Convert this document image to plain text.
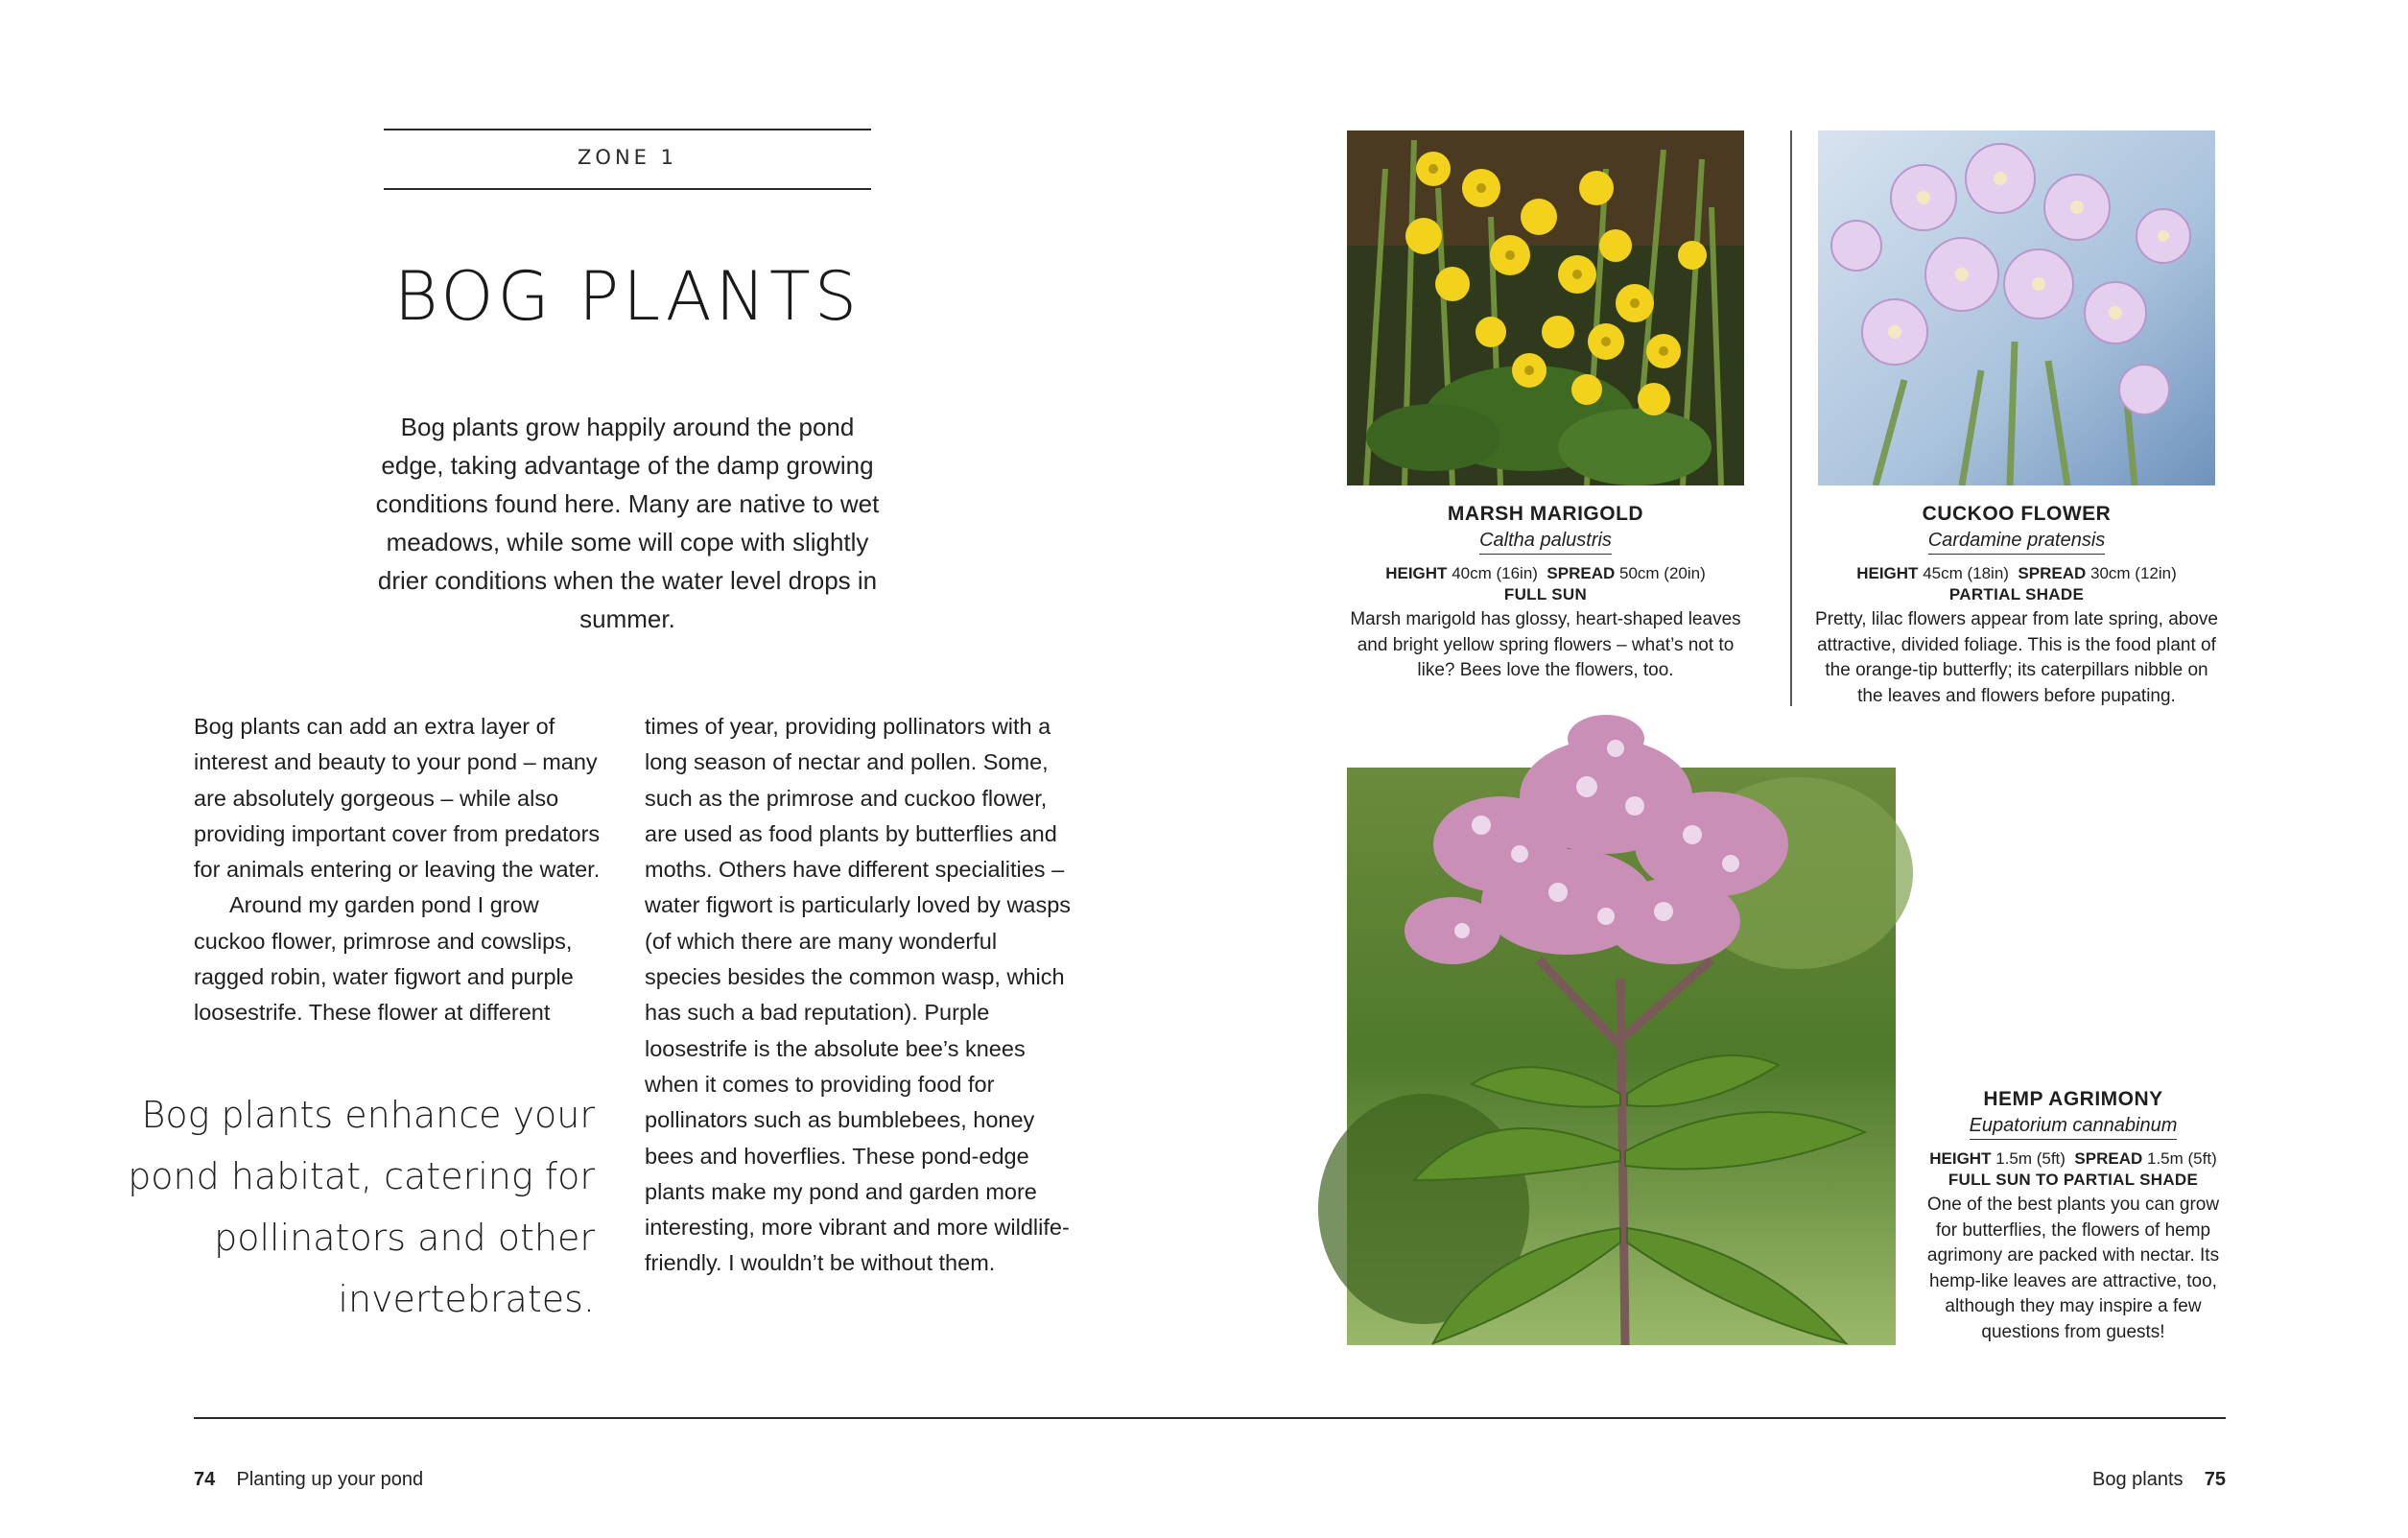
ZONE 1
BOG PLANTS

Bog plants grow happily around the pond edge, taking advantage of the damp growing conditions found here. Many are native to wet meadows, while some will cope with slightly drier conditions when the water level drops in summer.

Bog plants can add an extra layer of interest and beauty to your pond – many are absolutely gorgeous – while also providing important cover from predators for animals entering or leaving the water.

Around my garden pond I grow cuckoo flower, primrose and cowslips, ragged robin, water figwort and purple loosestrife. These flower at different

Bog plants enhance your pond habitat, catering for pollinators and other invertebrates.

times of year, providing pollinators with a long season of nectar and pollen. Some, such as the primrose and cuckoo flower, are used as food plants by butterflies and moths. Others have different specialities – water figwort is particularly loved by wasps (of which there are many wonderful species besides the common wasp, which has such a bad reputation). Purple loosestrife is the absolute bee’s knees when it comes to providing food for pollinators such as bumblebees, honey bees and hoverflies. These pond-edge plants make my pond and garden more interesting, more vibrant and more wildlife-friendly. I wouldn’t be without them.

MARSH MARIGOLD
Caltha palustris
HEIGHT 40cm (16in) SPREAD 50cm (20in)
FULL SUN
Marsh marigold has glossy, heart-shaped leaves and bright yellow spring flowers – what’s not to like? Bees love the flowers, too.
CUCKOO FLOWER
Cardamine pratensis
HEIGHT 45cm (18in) SPREAD 30cm (12in)
PARTIAL SHADE
Pretty, lilac flowers appear from late spring, above attractive, divided foliage. This is the food plant of the orange-tip butterfly; its caterpillars nibble on the leaves and flowers before pupating.
HEMP AGRIMONY
Eupatorium cannabinum
HEIGHT 1.5m (5ft) SPREAD 1.5m (5ft)
FULL SUN TO PARTIAL SHADE
One of the best plants you can grow for butterflies, the flowers of hemp agrimony are packed with nectar. Its hemp-like leaves are attractive, too, although they may inspire a few questions from guests!
74 Planting up your pond	Bog plants 75
